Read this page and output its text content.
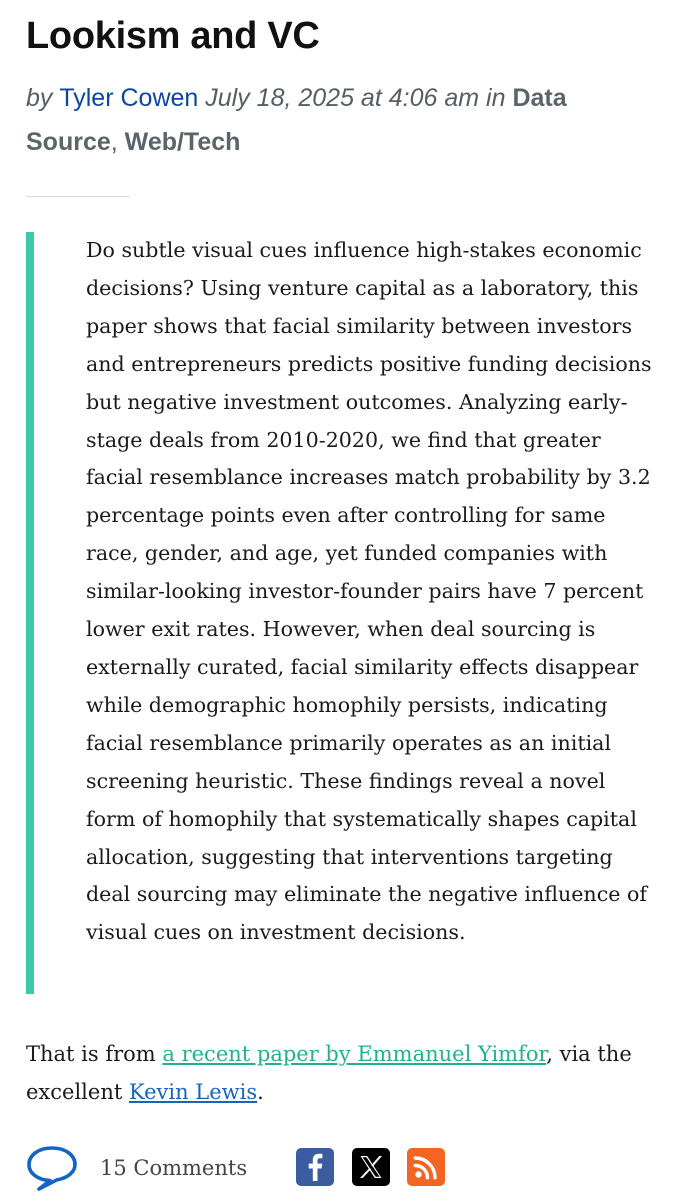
Lookism and VC
by Tyler Cowen July 18, 2025 at 4:06 am in Data Source, Web/Tech

Do subtle visual cues influence high-stakes economic decisions? Using venture capital as a laboratory, this paper shows that facial similarity between investors and entrepreneurs predicts positive funding decisions but negative investment outcomes. Analyzing early-stage deals from 2010-2020, we find that greater facial resemblance increases match probability by 3.2 percentage points even after controlling for same race, gender, and age, yet funded companies with similar-looking investor-founder pairs have 7 percent lower exit rates. However, when deal sourcing is externally curated, facial similarity effects disappear while demographic homophily persists, indicating facial resemblance primarily operates as an initial screening heuristic. These findings reveal a novel form of homophily that systematically shapes capital allocation, suggesting that interventions targeting deal sourcing may eliminate the negative influence of visual cues on investment decisions.

That is from a recent paper by Emmanuel Yimfor, via the excellent Kevin Lewis.

15 Comments
